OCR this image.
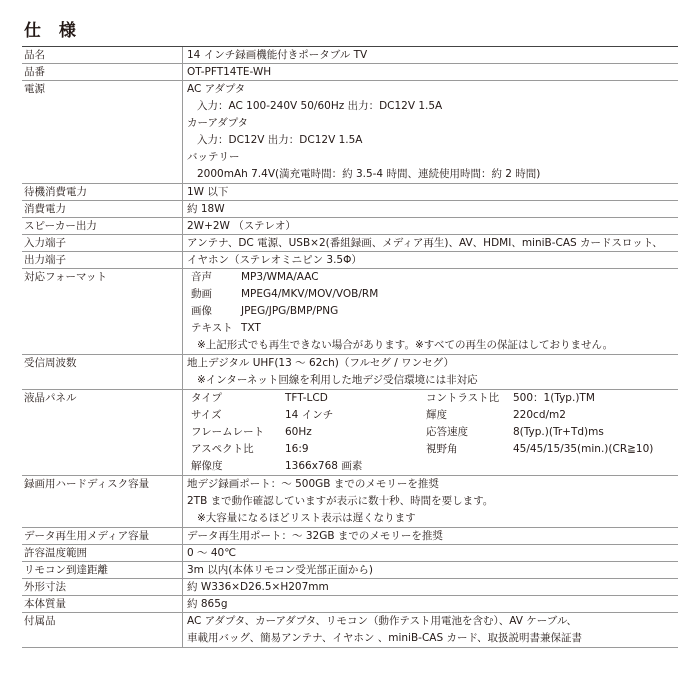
仕 様
品名	14 インチ録画機能付きポータブル TV
品番	OT-PFT14TE-WH
電源	AC アダプタ
入力：AC 100-240V 50/60Hz 出力：DC12V 1.5A
カーアダプタ
入力：DC12V 出力：DC12V 1.5A
バッテリー
2000mAh 7.4V(満充電時間：約 3.5-4 時間、連続使用時間：約 2 時間)
待機消費電力	1W 以下
消費電力	約 18W
スピーカー出力	2W+2W （ステレオ）
入力端子	アンテナ、DC 電源、USB×2(番組録画、メディア再生)、AV、HDMI、miniB-CAS カードスロット、
出力端子	イヤホン（ステレオミニピン 3.5Φ）
対応フォーマット	音声	MP3/WMA/AAC
動画	MPEG4/MKV/MOV/VOB/RM
画像	JPEG/JPG/BMP/PNG
テキスト TXT
※上記形式でも再生できない場合があります。※すべての再生の保証はしておりません。
受信周波数	地上デジタル UHF(13 ～ 62ch)（フルセグ / ワンセグ）
※インターネット回線を利用した地デジ受信環境には非対応
液晶パネル	タイプ	TFT-LCD	コントラスト比 500：1(Typ.)TM
サイズ	14 インチ	輝度	220cd/m2
フレームレート 60Hz	応答速度	8(Typ.)(Tr+Td)ms
アスペクト比	16:9	視野角	45/45/15/35(min.)(CR≧10)
解像度	1366x768 画素
録画用ハードディスク容量	地デジ録画ポート：～ 500GB までのメモリーを推奨
2TB まで動作確認していますが表示に数十秒、時間を要します。
※大容量になるほどリスト表示は遅くなります
データ再生用メディア容量	データ再生用ポート：～ 32GB までのメモリーを推奨
許容温度範囲	0 ～ 40℃
リモコン到達距離	3m 以内(本体リモコン受光部正面から)
外形寸法	約 W336×D26.5×H207mm
本体質量	約 865g
付属品	AC アダプタ、カーアダプタ、リモコン（動作テスト用電池を含む）、AV ケーブル、
車載用バッグ、簡易アンテナ、イヤホン 、miniB-CAS カード、取扱説明書兼保証書
